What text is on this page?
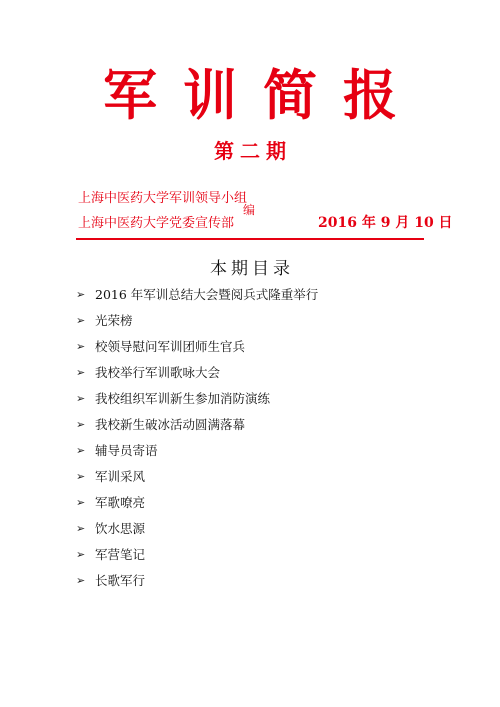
军训简报
第二期
上海中医药大学军训领导小组
编
上海中医药大学党委宣传部	2016 年 9 月 10 日
本期目录
➢ 2016 年军训总结大会暨阅兵式隆重举行
➢ 光荣榜
➢ 校领导慰问军训团师生官兵
➢ 我校举行军训歌咏大会
➢ 我校组织军训新生参加消防演练
➢ 我校新生破冰活动圆满落幕
➢ 辅导员寄语
➢ 军训采风
➢ 军歌嘹亮
➢ 饮水思源
➢ 军营笔记
➢ 长歌军行
